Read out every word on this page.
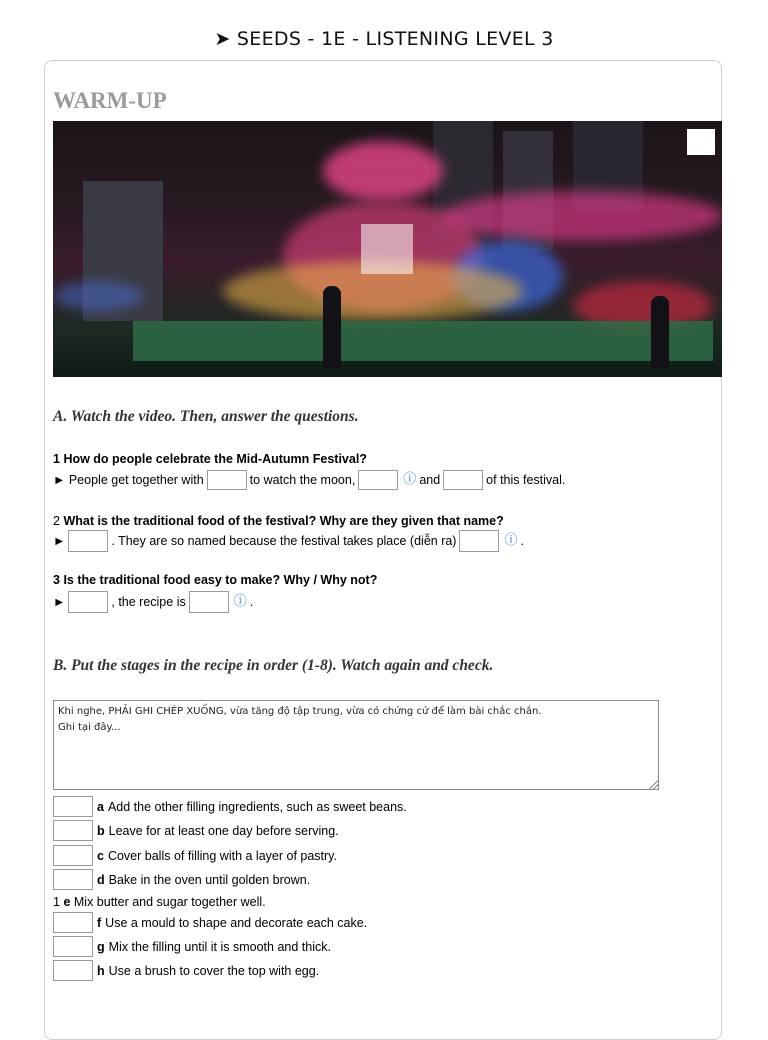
➤ SEEDS - 1E - LISTENING LEVEL 3
WARM-UP
A. Watch the video. Then, answer the questions.
1 How do people celebrate the Mid-Autumn Festival?
► People get together with	to watch the moon,	ⓘ and	of this festival.
2 What is the traditional food of the festival? Why are they given that name?
►	. They are so named because the festival takes place (diễn ra)	ⓘ .
3 Is the traditional food easy to make? Why / Why not?
►	, the recipe is	ⓘ .
B. Put the stages in the recipe in order (1-8). Watch again and check.
Khi nghe, PHẢI GHI CHÉP XUỐNG, vừa tăng độ tập trung, vừa có chứng cứ để làm bài chắc chắn. Ghi tại đây...
a Add the other filling ingredients, such as sweet beans.
b Leave for at least one day before serving.
c Cover balls of filling with a layer of pastry.
d Bake in the oven until golden brown.
1 e Mix butter and sugar together well.
f Use a mould to shape and decorate each cake.
g Mix the filling until it is smooth and thick.
h Use a brush to cover the top with egg.
